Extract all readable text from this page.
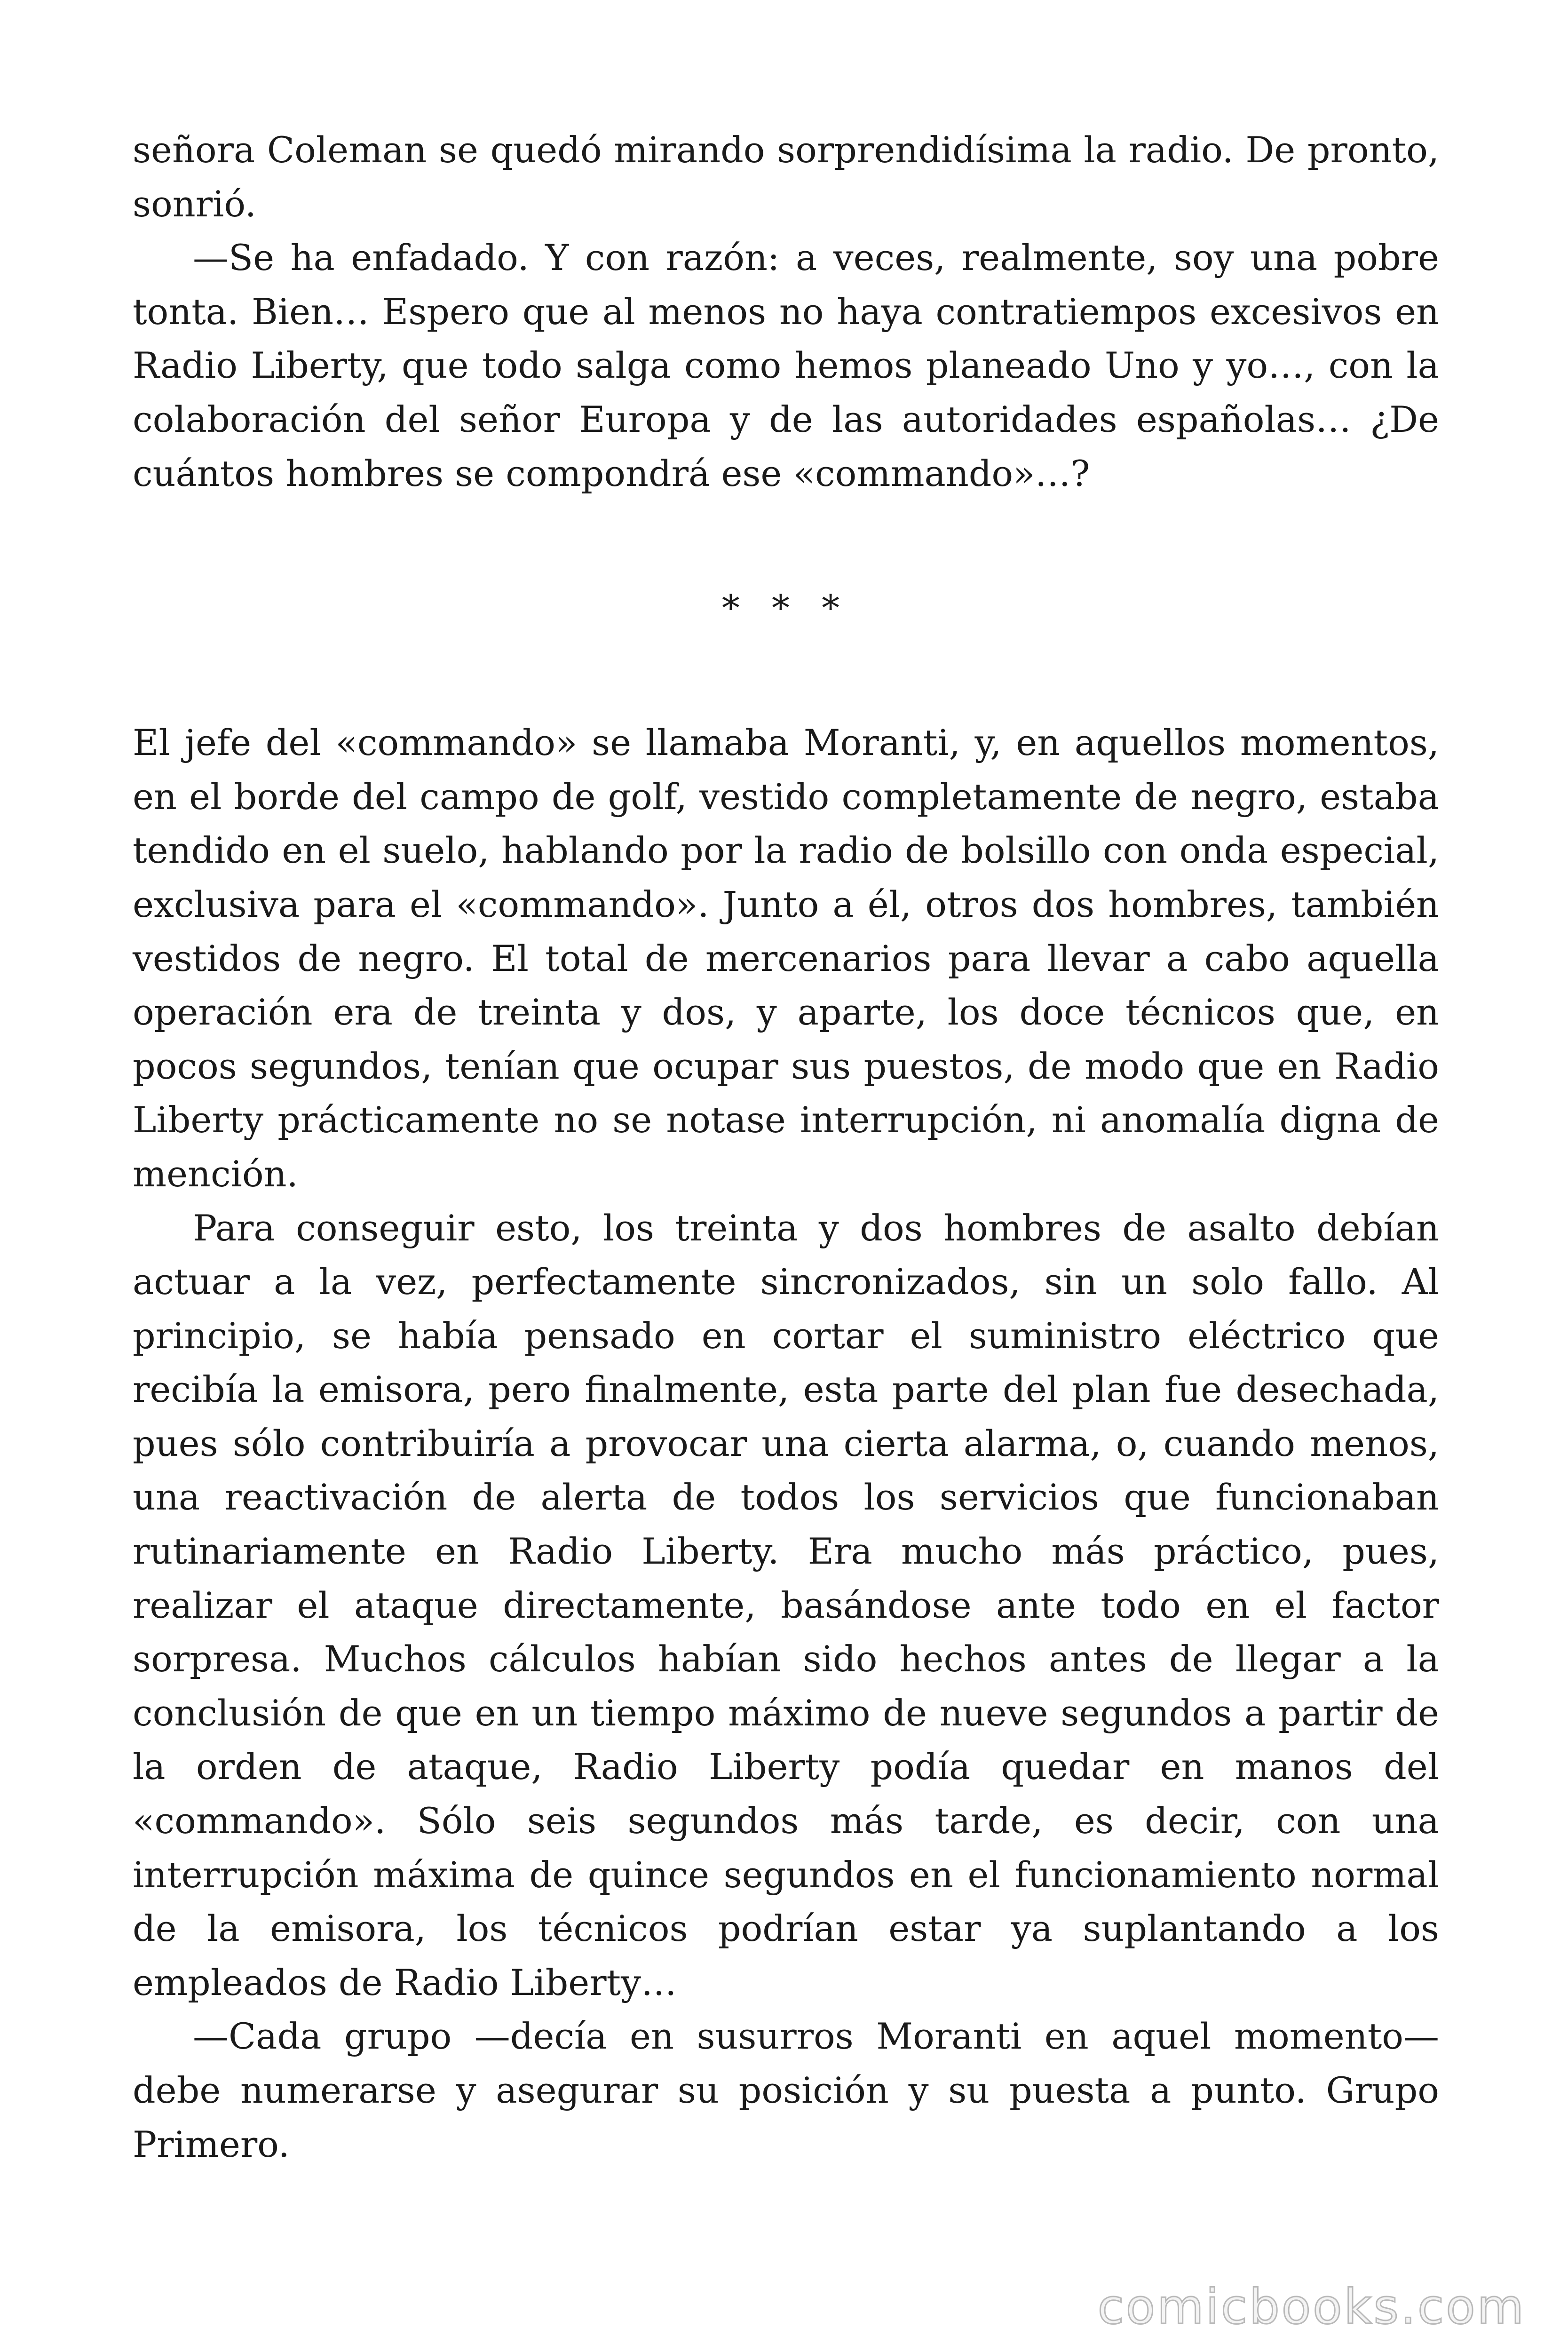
señora Coleman se quedó mirando sorprendidísima la radio. De pronto, sonrió.

—Se ha enfadado. Y con razón: a veces, realmente, soy una pobre tonta. Bien… Espero que al menos no haya contratiempos excesivos en Radio Liberty, que todo salga como hemos planeado Uno y yo…, con la colaboración del señor Europa y de las autoridades españolas… ¿De cuántos hombres se compondrá ese «commando»…?

* * *

El jefe del «commando» se llamaba Moranti, y, en aquellos momentos, en el borde del campo de golf, vestido completamente de negro, estaba tendido en el suelo, hablando por la radio de bolsillo con onda especial, exclusiva para el «commando». Junto a él, otros dos hombres, también vestidos de negro. El total de mercenarios para llevar a cabo aquella operación era de treinta y dos, y aparte, los doce técnicos que, en pocos segundos, tenían que ocupar sus puestos, de modo que en Radio Liberty prácticamente no se notase interrupción, ni anomalía digna de mención.

Para conseguir esto, los treinta y dos hombres de asalto debían actuar a la vez, perfectamente sincronizados, sin un solo fallo. Al principio, se había pensado en cortar el suministro eléctrico que recibía la emisora, pero finalmente, esta parte del plan fue desechada, pues sólo contribuiría a provocar una cierta alarma, o, cuando menos, una reactivación de alerta de todos los servicios que funcionaban rutinariamente en Radio Liberty. Era mucho más práctico, pues, realizar el ataque directamente, basándose ante todo en el factor sorpresa. Muchos cálculos habían sido hechos antes de llegar a la conclusión de que en un tiempo máximo de nueve segundos a partir de la orden de ataque, Radio Liberty podía quedar en manos del «commando». Sólo seis segundos más tarde, es decir, con una interrupción máxima de quince segundos en el funcionamiento normal de la emisora, los técnicos podrían estar ya suplantando a los empleados de Radio Liberty…

—Cada grupo —decía en susurros Moranti en aquel momento— debe numerarse y asegurar su posición y su puesta a punto. Grupo Primero.

comicbooks.com
